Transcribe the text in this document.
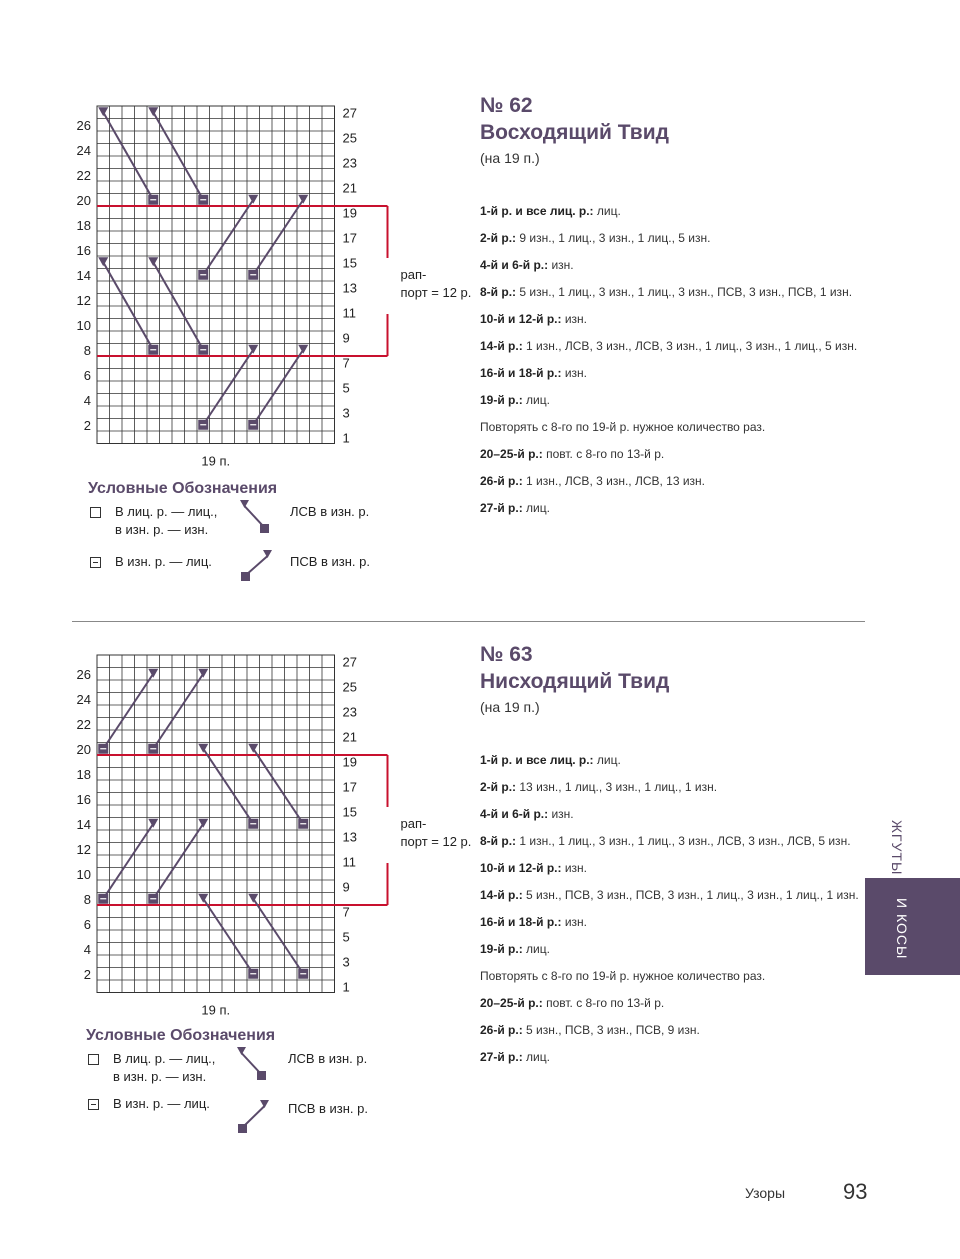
26
24
22
20
18
16
14
12
10
8
6
4
2
27
25
23
21
19
17
15
13
11
9
7
5
3
1
19 п.
рап-
порт = 12 р.
Условные Обозначения
В лиц. р. — лиц.,
в изн. р. — изн.
В изн. р. — лиц.
ЛСВ в изн. р.
ПСВ в изн. р.
№ 62
Восходящий Твид
(на 19 п.)
1-й р. и все лиц. р.: лиц.
2-й р.: 9 изн., 1 лиц., 3 изн., 1 лиц., 5 изн.
4-й и 6-й р.: изн.
8-й р.: 5 изн., 1 лиц., 3 изн., 1 лиц., 3 изн., ПСВ, 3 изн., ПСВ, 1 изн.
10-й и 12-й р.: изн.
14-й р.: 1 изн., ЛСВ, 3 изн., ЛСВ, 3 изн., 1 лиц., 3 изн., 1 лиц., 5 изн.
16-й и 18-й р.: изн.
19-й р.: лиц.
Повторять с 8-го по 19-й р. нужное количество раз.
20–25-й р.: повт. с 8-го по 13-й р.
26-й р.: 1 изн., ЛСВ, 3 изн., ЛСВ, 13 изн.
27-й р.: лиц.
26
24
22
20
18
16
14
12
10
8
6
4
2
27
25
23
21
19
17
15
13
11
9
7
5
3
1
19 п.
рап-
порт = 12 р.
Условные Обозначения
В лиц. р. — лиц.,
в изн. р. — изн.
В изн. р. — лиц.
ЛСВ в изн. р.
ПСВ в изн. р.
№ 63
Нисходящий Твид
(на 19 п.)
1-й р. и все лиц. р.: лиц.
2-й р.: 13 изн., 1 лиц., 3 изн., 1 лиц., 1 изн.
4-й и 6-й р.: изн.
8-й р.: 1 изн., 1 лиц., 3 изн., 1 лиц., 3 изн., ЛСВ, 3 изн., ЛСВ, 5 изн.
10-й и 12-й р.: изн.
14-й р.: 5 изн., ПСВ, 3 изн., ПСВ, 3 изн., 1 лиц., 3 изн., 1 лиц., 1 изн.
16-й и 18-й р.: изн.
19-й р.: лиц.
Повторять с 8-го по 19-й р. нужное количество раз.
20–25-й р.: повт. с 8-го по 13-й р.
26-й р.: 5 изн., ПСВ, 3 изн., ПСВ, 9 изн.
27-й р.: лиц.
ЖГУТЫ
И КОСЫ
Узоры	93
